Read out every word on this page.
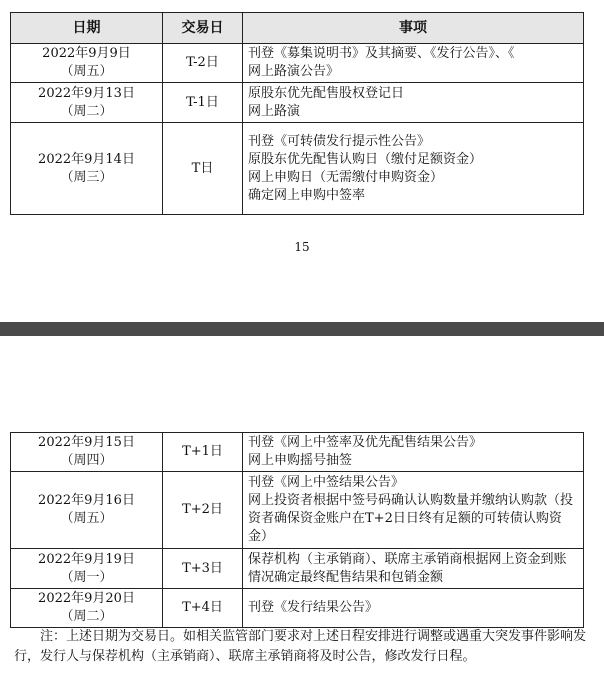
日期	交易日	事项

2022年9月9日
（周五）	T-2日	刊登《募集说明书》及其摘要、《发行公告》、《
网上路演公告》

2022年9月13日
（周二）	T-1日	原股东优先配售股权登记日
网上路演

2022年9月14日
（周三）	T日	刊登《可转债发行提示性公告》
原股东优先配售认购日（缴付足额资金）
网上申购日（无需缴付申购资金）
确定网上申购中签率
15
2022年9月15日
（周四）	T+1日	刊登《网上中签率及优先配售结果公告》
网上申购摇号抽签

2022年9月16日
（周五）	T+2日	刊登《网上中签结果公告》
网上投资者根据中签号码确认认购数量并缴纳认购款（投资者确保资金账户在T+2日日终有足额的可转债认购资金）

2022年9月19日
（周一）	T+3日	保荐机构（主承销商）、联席主承销商根据网上资金到账情况确定最终配售结果和包销金额

2022年9月20日
（周二）	T+4日	刊登《发行结果公告》
注：上述日期为交易日。如相关监管部门要求对上述日程安排进行调整或遇重大突发事件影响发行，发行人与保荐机构（主承销商）、联席主承销商将及时公告，修改发行日程。
